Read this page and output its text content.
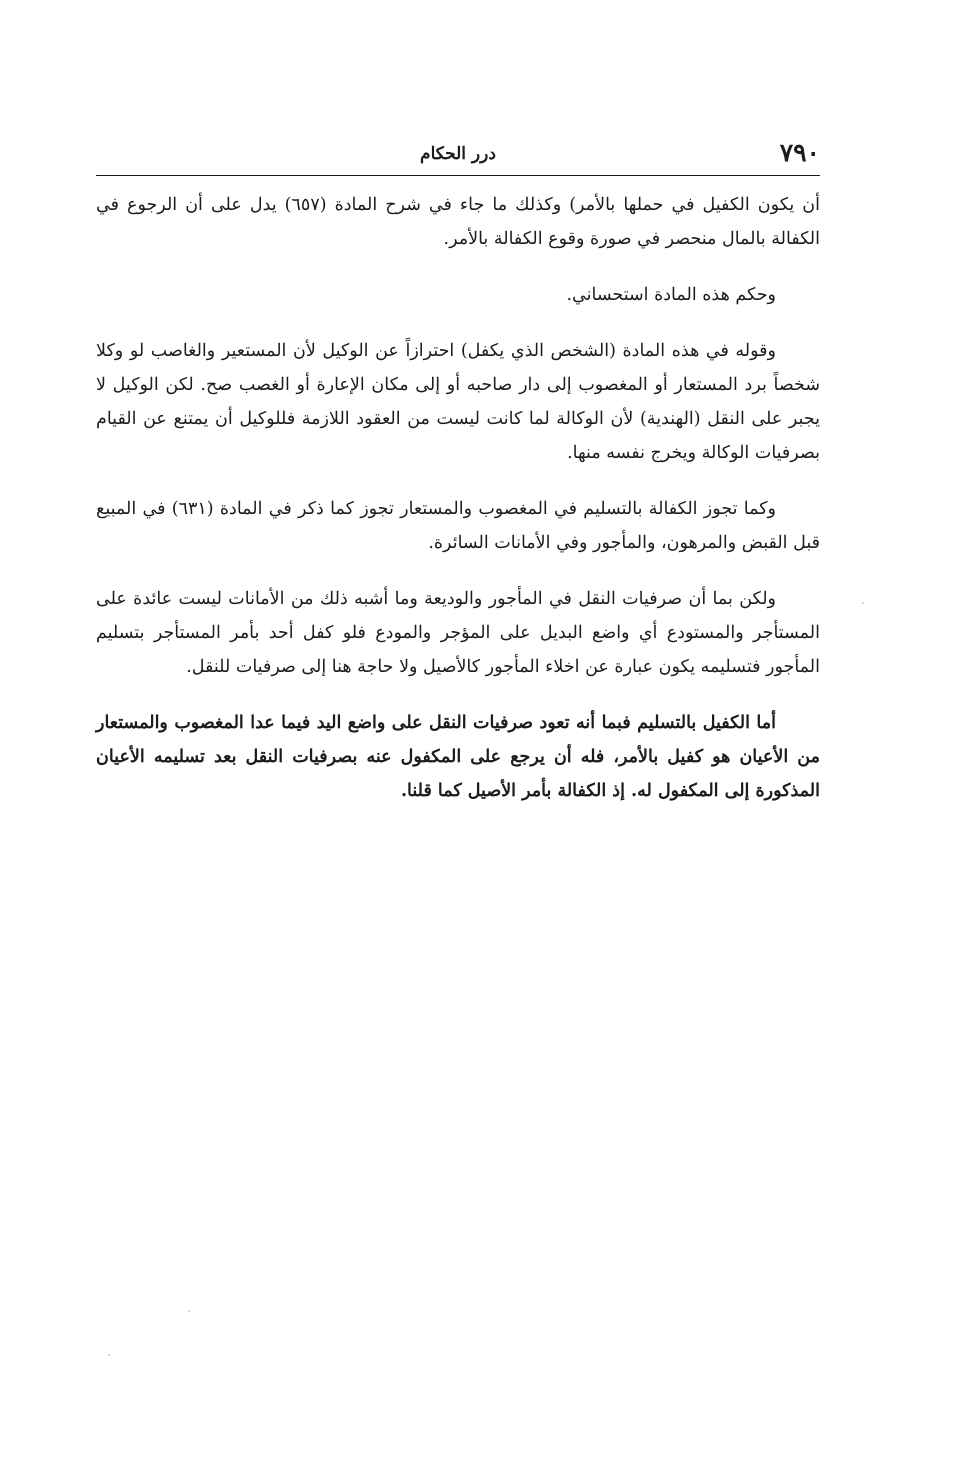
٧٩٠
درر الحكام

أن يكون الكفيل في حملها بالأمر) وكذلك ما جاء في شرح المادة (٦٥٧) يدل على أن الرجوع في الكفالة بالمال منحصر في صورة وقوع الكفالة بالأمر.

وحكم هذه المادة استحساني.

وقوله في هذه المادة (الشخص الذي يكفل) احترازاً عن الوكيل لأن المستعير والغاصب لو وكلا شخصاً برد المستعار أو المغصوب إلى دار صاحبه أو إلى مكان الإعارة أو الغصب صح. لكن الوكيل لا يجبر على النقل (الهندية) لأن الوكالة لما كانت ليست من العقود اللازمة فللوكيل أن يمتنع عن القيام بصرفيات الوكالة ويخرج نفسه منها.

وكما تجوز الكفالة بالتسليم في المغصوب والمستعار تجوز كما ذكر في المادة (٦٣١) في المبيع قبل القبض والمرهون، والمأجور وفي الأمانات السائرة.

ولكن بما أن صرفيات النقل في المأجور والوديعة وما أشبه ذلك من الأمانات ليست عائدة على المستأجر والمستودع أي واضع البديل على المؤجر والمودع فلو كفل أحد بأمر المستأجر بتسليم المأجور فتسليمه يكون عبارة عن اخلاء المأجور كالأصيل ولا حاجة هنا إلى صرفيات للنقل.

أما الكفيل بالتسليم فبما أنه تعود صرفيات النقل على واضع اليد فيما عدا المغصوب والمستعار من الأعيان هو كفيل بالأمر، فله أن يرجع على المكفول عنه بصرفيات النقل بعد تسليمه الأعيان المذكورة إلى المكفول له. إذ الكفالة بأمر الأصيل كما قلنا.
